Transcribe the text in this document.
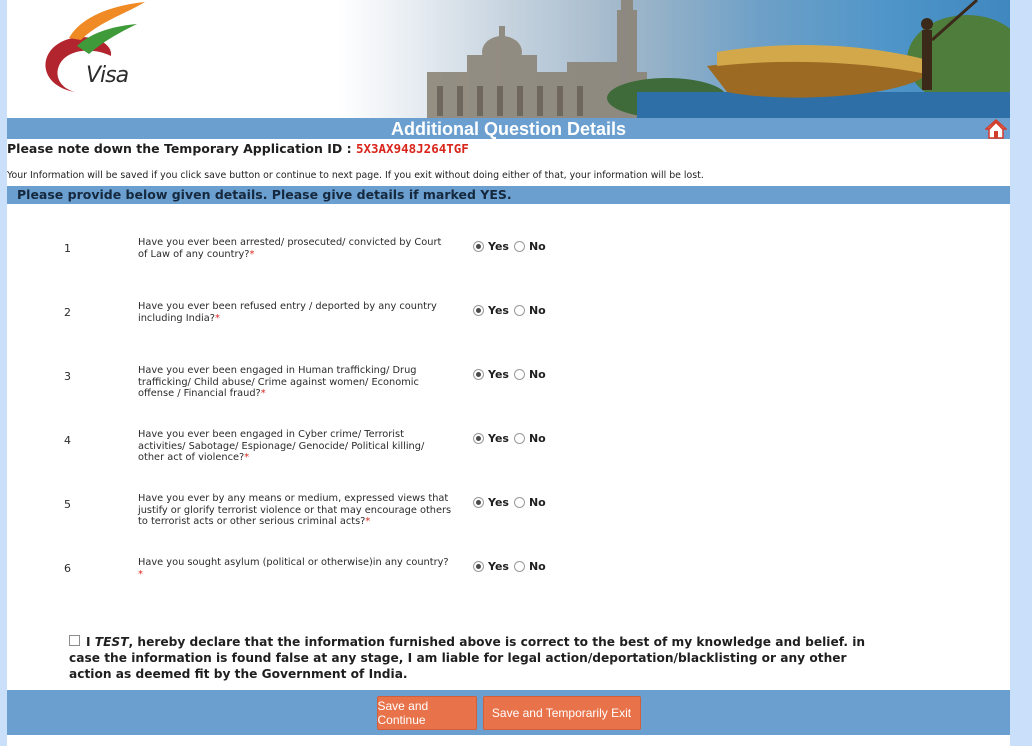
Visa
Additional Question Details
Please note down the Temporary Application ID : 5X3AX948J264TGF
Your Information will be saved if you click save button or continue to next page. If you exit without doing either of that, your information will be lost.
Please provide below given details. Please give details if marked YES.
1	Have you ever been arrested/ prosecuted/ convicted by Court of Law of any country?*
Yes No
2	Have you ever been refused entry / deported by any country including India?*
Yes No
3	Have you ever been engaged in Human trafficking/ Drug trafficking/ Child abuse/ Crime against women/ Economic offense / Financial fraud?*
Yes No
4	Have you ever been engaged in Cyber crime/ Terrorist activities/ Sabotage/ Espionage/ Genocide/ Political killing/ other act of violence?*
Yes No
5	Have you ever by any means or medium, expressed views that justify or glorify terrorist violence or that may encourage others to terrorist acts or other serious criminal acts?*
Yes No
6	Have you sought asylum (political or otherwise)in any country?*
Yes No
I TEST, hereby declare that the information furnished above is correct to the best of my knowledge and belief. in case the information is found false at any stage, I am liable for legal action/deportation/blacklisting or any other action as deemed fit by the Government of India.
Save and Continue	Save and Temporarily Exit
